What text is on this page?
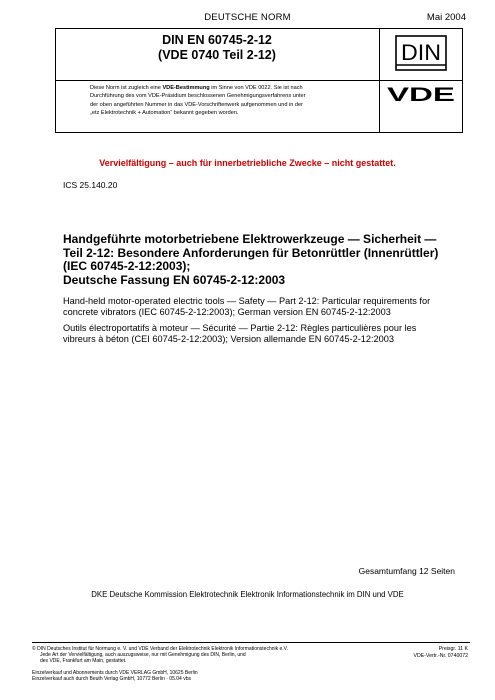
DEUTSCHE NORM	Mai 2004
DIN EN 60745-2-12
(VDE 0740 Teil 2-12)
Diese Norm ist zugleich eine VDE-Bestimmung im Sinne von VDE 0022. Sie ist nach
Durchführung des vom VDE-Präsidium beschlossenen Genehmigungsverfahrens unter
der oben angeführten Nummer in das VDE-Vorschriftenwerk aufgenommen und in der
„etz Elektrotechnik + Automation“ bekannt gegeben worden.
DIN
VDE
Vervielfältigung – auch für innerbetriebliche Zwecke – nicht gestattet.
ICS 25.140.20
Handgeführte motorbetriebene Elektrowerkzeuge — Sicherheit —
Teil 2-12: Besondere Anforderungen für Betonrüttler (Innenrüttler)
(IEC 60745-2-12:2003);
Deutsche Fassung EN 60745-2-12:2003
Hand-held motor-operated electric tools — Safety — Part 2-12: Particular requirements for
concrete vibrators (IEC 60745-2-12:2003); German version EN 60745-2-12:2003
Outils électroportatifs à moteur — Sécurité — Partie 2-12: Règles particulières pour les
vibreurs à béton (CEI 60745-2-12:2003); Version allemande EN 60745-2-12:2003
Gesamtumfang 12 Seiten
DKE Deutsche Kommission Elektrotechnik Elektronik Informationstechnik im DIN und VDE
© DIN Deutsches Institut für Normung e. V. und VDE Verband der Elektrotechnik Elektronik Informationstechnik e.V.
Jede Art der Vervielfältigung, auch auszugsweise, nur mit Genehmigung des DIN, Berlin, und
des VDE, Frankfurt am Main, gestattet.
Einzelverkauf und Abonnements durch VDE VERLAG GmbH, 10625 Berlin
Einzelverkauf auch durch Beuth Verlag GmbH, 10772 Berlin · 05.04 vbs
Preisgr. 11 K
VDE-Vertr.-Nr. 0740072
